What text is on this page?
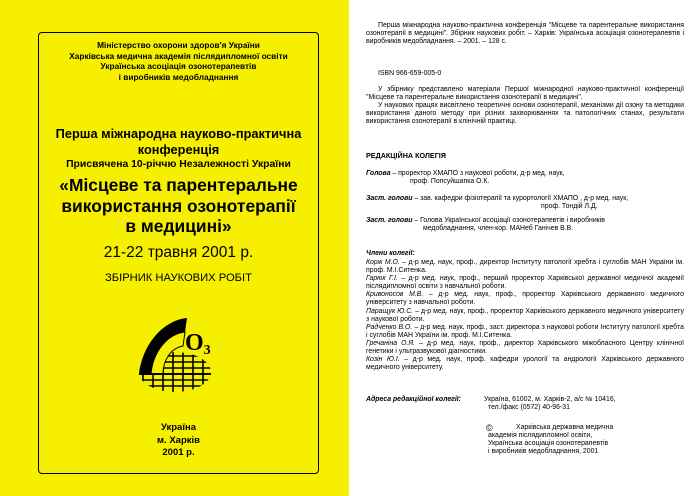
Міністерство охорони здоров'я України
Харківська медична академія післядипломної освіти
Українська асоціація озонотерапевтів
і виробників медобладнання
Перша міжнародна науково-практична
конференція
Присвячена 10-річчю Незалежності України
«Місцеве та парентеральне
використання озонотерапії
в медицині»
21-22 травня 2001 р.
ЗБІРНИК НАУКОВИХ РОБІТ
O3
Україна
м. Харків
2001 р.
Перша міжнародна науково-практична конференція "Місцеве та парентеральне використання озонотерапії в медицині". Збірник наукових робіт. – Харків: Українська асоціація озонотерапевтів і виробників медобладнання. – 2001. – 128 с.
ISBN 966-659-005-0
У збірнику представлено матеріали Першої міжнародної науково-практичної конференції "Місцеве та парентеральне використання озонотерапії в медицині".
У наукових працях висвітлено теоретичні основи озонотерапії, механізми дії озону та методики використання даного методу при різних захворюваннях та патологічних станах, результати використання озонотерапії в клінічній практиці.
РЕДАКЦІЙНА КОЛЕГІЯ
Голова – проректор ХМАПО з наукової роботи, д-р мед. наук,
проф. Попсуйшапка О.К.
Заст. голови – зав. кафедри фізіотерапії та курортології ХМАПО , д-р мед. наук,
проф. Тондій Л.Д.
Заст. голови – Голова Української асоціації озонотерапевтів і виробників
медобладнання, член-кор. МАНеб Ганічев В.В.
Члени колегії:
Корж М.О. – д-р мед. наук, проф., директор Інституту патології хребта і суглобів МАН України ім. проф. М.І.Ситенка.
Гарюк Г.І. – д-р мед. наук, проф., перший проректор Харківської державної медичної академії післядипломної освіти з навчальної роботи.
Кривоносов М.В. – д-р мед. наук, проф., проректор Харківського державного медичного університету з навчальної роботи.
Паращук Ю.С. – д-р мед. наук, проф., проректор Харківського державного медичного університету з наукової роботи.
Радченко В.О. – д-р мед. наук, проф., заст. директора з наукової роботи Інституту патології хребта і суглобів МАН України ім. проф. М.І.Ситенка.
Гречаніна О.Я. – д-р мед. наук, проф., директор Харківського міжобласного Центру клінічної генетики і ультразвукової діагностики.
Козін Ю.І. – д-р мед. наук, проф. кафедри урології та андрології Харківського державного медичного університету.
Адреса редакційної колегії:	Україна, 61002, м. Харків-2, а/с № 10416,
тел./факс (0572) 40-96-31
©	Харківська державна медична
академія післядипломної освіти,
Українська асоціація озонотерапевтів
і виробників медобладнання, 2001
